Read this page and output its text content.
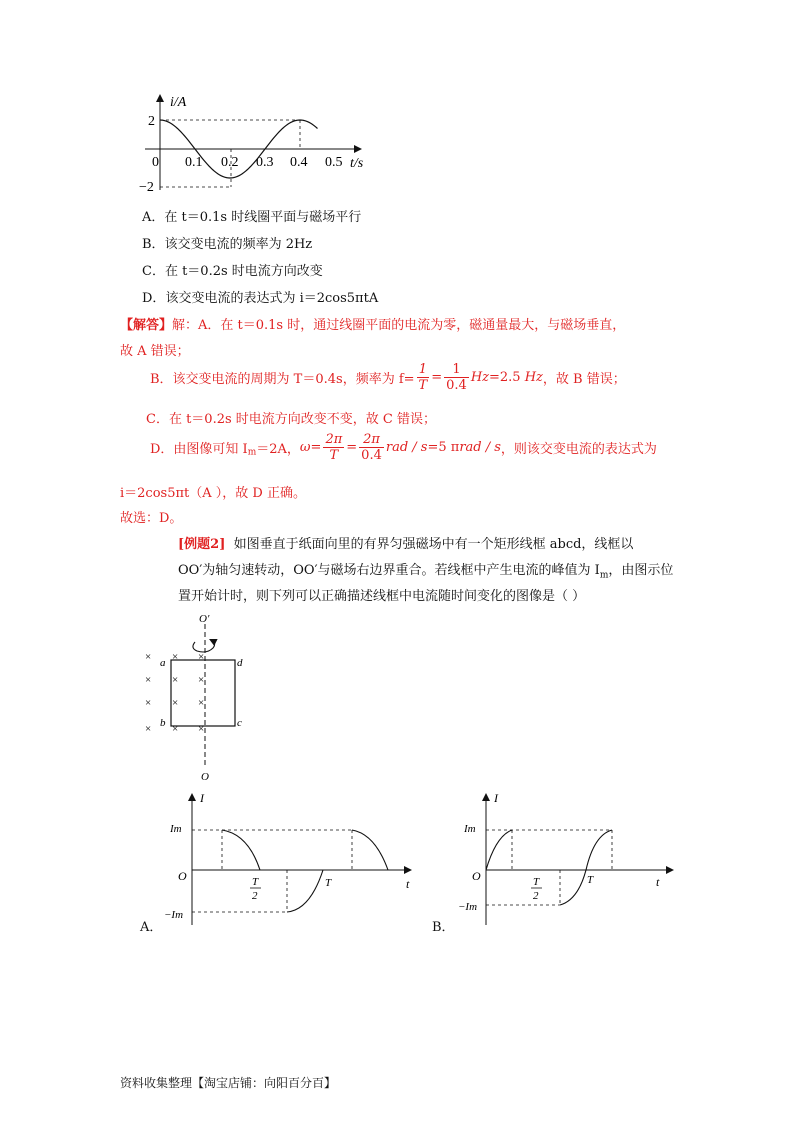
i/A
t/s
2
−2
0 0.1 0.2 0.3 0.4 0.5
A．在 t＝0.1s 时线圈平面与磁场平行
B．该交变电流的频率为 2Hz
C．在 t＝0.2s 时电流方向改变
D．该交变电流的表达式为 i＝2cos5πtA
【解答】解：A．在 t＝0.1s 时，通过线圈平面的电流为零，磁通量最大，与磁场垂直，
故 A 错误；
B．该交变电流的周期为 T＝0.4s，频率为 $f= \frac{1}{T} = \frac{1}{0.4} Hz=2.5$ Hz，故 B 错误；
C．在 t＝0.2s 时电流方向改变不变，故 C 错误；
D．由图像可知 $I_m=2A$，$\omega= \frac{2\pi}{T} = \frac{2\pi}{0.4}$ rad / s=5 πrad / s，则该交变电流的表达式为
i＝2cos5πt（A ），故 D 正确。
故选：D。
[例题2] 如图垂直于纸面向里的有界匀强磁场中有一个矩形线框 abcd，线框以
OO′为轴匀速转动，OO′与磁场右边界重合。若线框中产生电流的峰值为 $I_m$，由图示位
置开始计时，则下列可以正确描述线框中电流随时间变化的图像是（ ）
O′
O
a
b	c
d
× × ×
× × ×
× × ×
× × ×
I
t
O
Im
−Im
T
2
T
A．
I
t
O
Im
−Im
T
2
T
B．
资料收集整理【淘宝店铺：向阳百分百】
